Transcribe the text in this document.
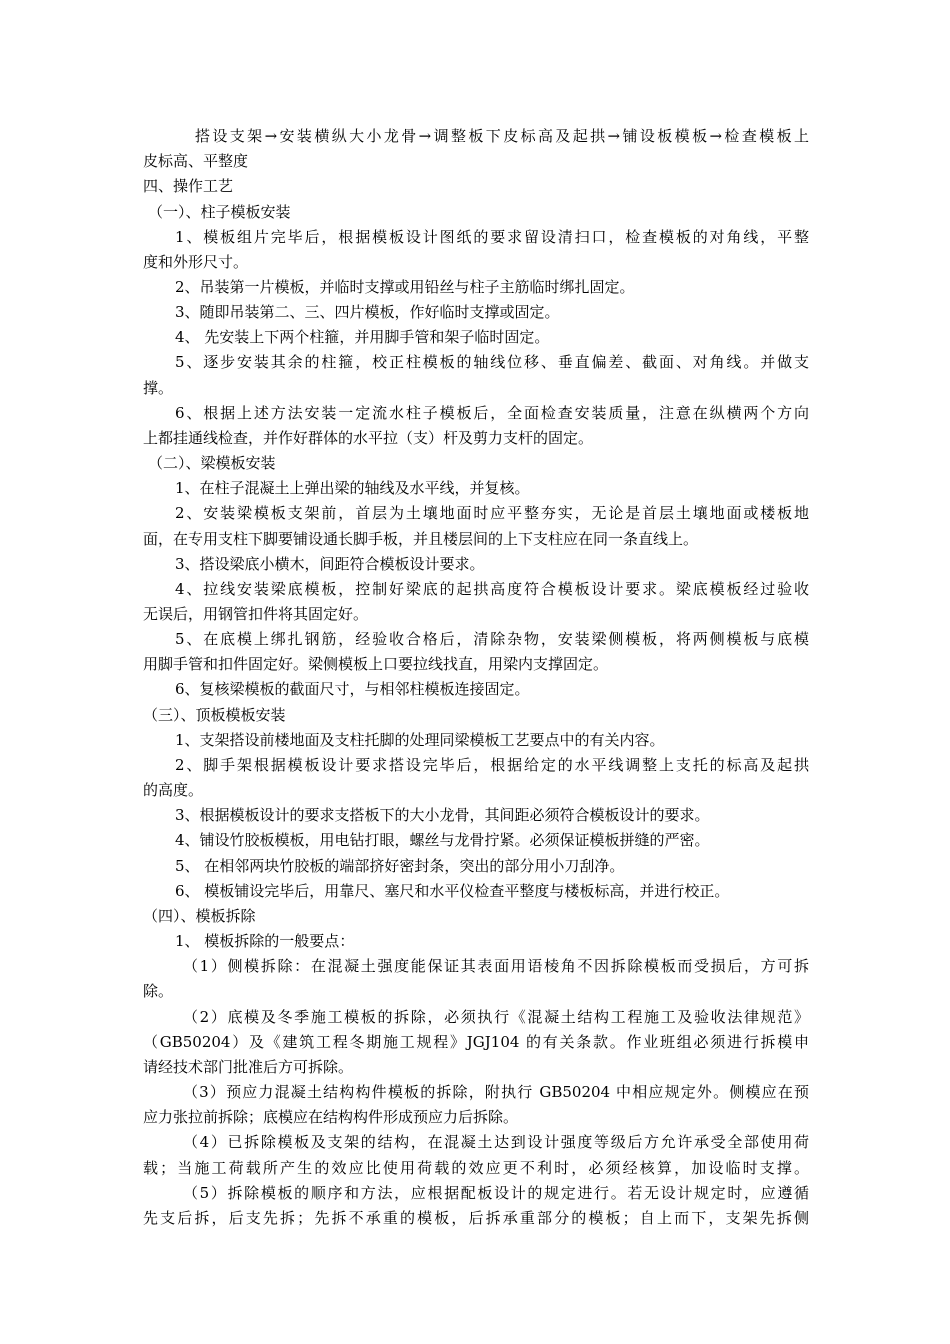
搭设支架→安装横纵大小龙骨→调整板下皮标高及起拱→铺设板模板→检查模板上
皮标高、平整度
四、操作工艺
（一）、柱子模板安装
1、模板组片完毕后，根据模板设计图纸的要求留设清扫口，检查模板的对角线，平整
度和外形尺寸。
2、吊装第一片模板，并临时支撑或用铅丝与柱子主筋临时绑扎固定。
3、随即吊装第二、三、四片模板，作好临时支撑或固定。
4、 先安装上下两个柱箍，并用脚手管和架子临时固定。
5、逐步安装其余的柱箍，校正柱模板的轴线位移、垂直偏差、截面、对角线。并做支
撑。
6、根据上述方法安装一定流水柱子模板后，全面检查安装质量，注意在纵横两个方向
上都挂通线检查，并作好群体的水平拉（支）杆及剪力支杆的固定。
（二）、梁模板安装
1、在柱子混凝土上弹出梁的轴线及水平线，并复核。
2、安装梁模板支架前，首层为土壤地面时应平整夯实，无论是首层土壤地面或楼板地
面，在专用支柱下脚要铺设通长脚手板，并且楼层间的上下支柱应在同一条直线上。
3、搭设梁底小横木，间距符合模板设计要求。
4、拉线安装梁底模板，控制好梁底的起拱高度符合模板设计要求。梁底模板经过验收
无误后，用钢管扣件将其固定好。
5、在底模上绑扎钢筋，经验收合格后，清除杂物，安装梁侧模板，将两侧模板与底模
用脚手管和扣件固定好。梁侧模板上口要拉线找直，用梁内支撑固定。
6、复核梁模板的截面尺寸，与相邻柱模板连接固定。
（三）、顶板模板安装
1、支架搭设前楼地面及支柱托脚的处理同梁模板工艺要点中的有关内容。
2、脚手架根据模板设计要求搭设完毕后，根据给定的水平线调整上支托的标高及起拱
的高度。
3、根据模板设计的要求支搭板下的大小龙骨，其间距必须符合模板设计的要求。
4、铺设竹胶板模板，用电钻打眼，螺丝与龙骨拧紧。必须保证模板拼缝的严密。
5、 在相邻两块竹胶板的端部挤好密封条，突出的部分用小刀刮净。
6、 模板铺设完毕后，用靠尺、塞尺和水平仪检查平整度与楼板标高，并进行校正。
（四）、模板拆除
1、 模板拆除的一般要点：
（1）侧模拆除：在混凝土强度能保证其表面用语棱角不因拆除模板而受损后，方可拆
除。
（2）底模及冬季施工模板的拆除，必须执行《混凝土结构工程施工及验收法律规范》
（GB50204）及《建筑工程冬期施工规程》JGJ104 的有关条款。作业班组必须进行拆模申
请经技术部门批准后方可拆除。
（3）预应力混凝土结构构件模板的拆除，附执行 GB50204 中相应规定外。侧模应在预
应力张拉前拆除；底模应在结构构件形成预应力后拆除。
（4）已拆除模板及支架的结构，在混凝土达到设计强度等级后方允许承受全部使用荷
载；当施工荷载所产生的效应比使用荷载的效应更不利时，必须经核算，加设临时支撑。
（5）拆除模板的顺序和方法，应根据配板设计的规定进行。若无设计规定时，应遵循
先支后拆，后支先拆；先拆不承重的模板，后拆承重部分的模板；自上而下，支架先拆侧
